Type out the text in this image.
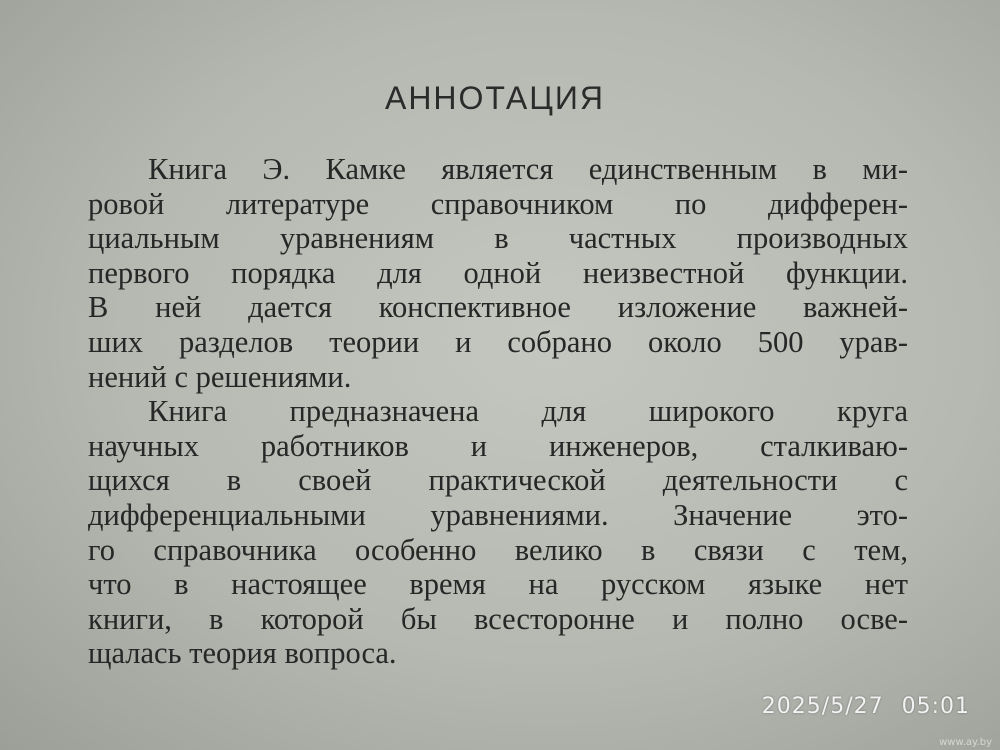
АННОТАЦИЯ
Книга Э. Камке является единственным в ми-
ровой литературе справочником по дифферен-
циальным уравнениям в частных производных
первого порядка для одной неизвестной функции.
В ней дается конспективное изложение важней-
ших разделов теории и собрано около 500 урав-
нений с решениями.
Книга предназначена для широкого круга
научных работников и инженеров, сталкиваю-
щихся в своей практической деятельности с
дифференциальными уравнениями. Значение это-
го справочника особенно велико в связи с тем,
что в настоящее время на русском языке нет
книги, в которой бы всесторонне и полно осве-
щалась теория вопроса.
2025/5/27 05:01
www.ay.by
